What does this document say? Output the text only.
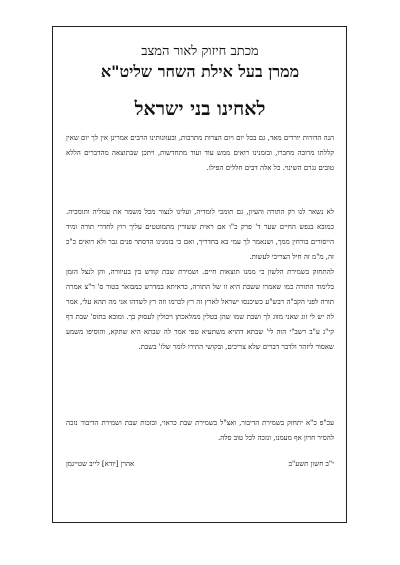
מכתב חיזוק לאור המצב
ממרן בעל אילת השחר שליט"א
לאחינו בני ישראל
הנה הדורות יורדים מאד, גם בכל יום ויום הצרות מתרבות, ובעוונותינו הרבים אמרינן אין לך יום שאין קללתו מרובה מחברו, ובזמנינו רואים ממש עוד ועוד מתחדשות, ויתכן שבתוצאה מהדברים הללא טובים נגרם השינוי. כל אלה דבים חללים הפילו.
לא נשאר לנו רק התורה והעיון, גם תומכי לומדיה, ועלינו לנצור מכל משמר את עמליה ותומכיה. כמובא בנפש החיים שער ד' פרק כ"ו אם ראית ששורין מתמוטטים עליך רוץ לחדרי תורה ומיד הייסורים בורחין ממך, ושנאמר לך עמי בא בחדריך, ואם כי בזמנינו הדסתר פנים גבר ולא רואים כ"כ זה, מ"מ זה חיל הצריכי לעשות.
להתחזק בשמירת הלשון כי ממנו תוצאות חיים. ושמירת שבת קודש בין בעיוורה, והן לנצל הזמן בלימוד התורה כמו שאמרו ששבת היא זו של התורה, כדאיתא במדרש כמבואר בטור ס' ר"צ אמרה תורה לפני הקב"ה רבש"ע כשיכנסו ישראל לארץ זה רץ לכרמו וזה רץ לשדהו אני מה תהא עלי, אמר לה יש לי זוג שאני מזוג לך ושבת שמו שהן בטלין ממלאכתן ויכולין לעסוק בך. ומובא בתוס' שבת דף קי"ג ע"ב רשב"י הוה לי' שבתא דהויא משתעיא טפי אמר לה שבתא היא שתקא, והוסיפו משמע שאסור ליזהר ולדבר דברים שלא צריכים, ובקושי התירו לומר שלו' בשבת.
עכ"פ כ"א יתחזק בשמירת הדיבור, ואצ"ל בשמירת שבת כראוי, ובזכות שבת ושמירת הדיבור נזכה להסיר חרון אף מעמנו, ונזכה לכל טוב סלה.
י"ב חשון תשע"ב
אהרן [יודא] לייב שטיינמן
